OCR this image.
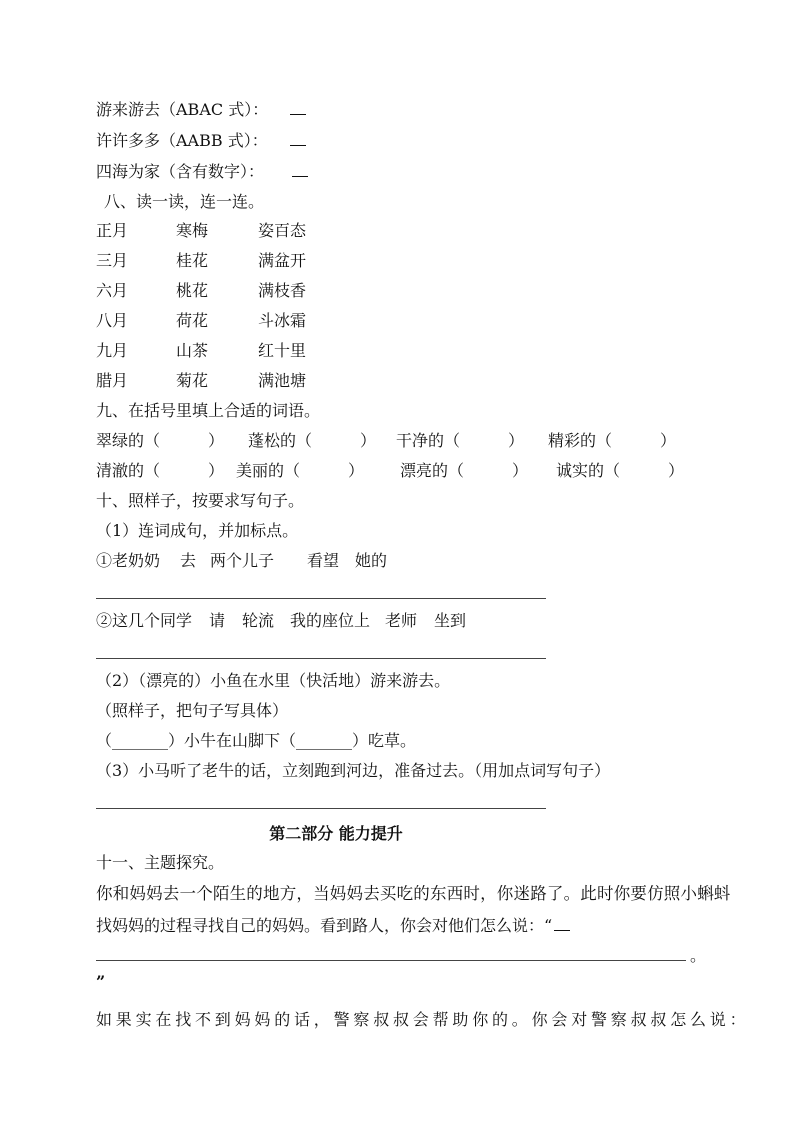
游来游去（ABAC 式）：
许许多多（AABB 式）：
四海为家（含有数字）：
八、读一读，连一连。
正月	寒梅	姿百态
三月	桂花	满盆开
六月	桃花	满枝香
八月	荷花	斗冰霜
九月	山茶	红十里
腊月	菊花	满池塘
九、在括号里填上合适的词语。
翠绿的（　　　） 蓬松的（　　　） 干净的（　　　） 精彩的（　　　）
清澈的（　　　） 美丽的（　　　） 漂亮的（　　　） 诚实的（　　　）
十、照样子，按要求写句子。
（1）连词成句，并加标点。
①老奶奶 去 两个儿子 看望 她的
②这几个同学 请 轮流 我的座位上 老师 坐到
（2）（漂亮的）小鱼在水里（快活地）游来游去。
（照样子，把句子写具体）
（_______）小牛在山脚下（_______）吃草。
（3）小马听了老牛的话，立刻跑到河边，准备过去。（用加点词写句子）
第二部分 能力提升
十一、主题探究。
你和妈妈去一个陌生的地方，当妈妈去买吃的东西时，你迷路了。此时你要仿照小蝌蚪
找妈妈的过程寻找自己的妈妈。看到路人，你会对他们怎么说：“
。
”
如果实在找不到妈妈的话，警察叔叔会帮助你的。你会对警察叔叔怎么说：
